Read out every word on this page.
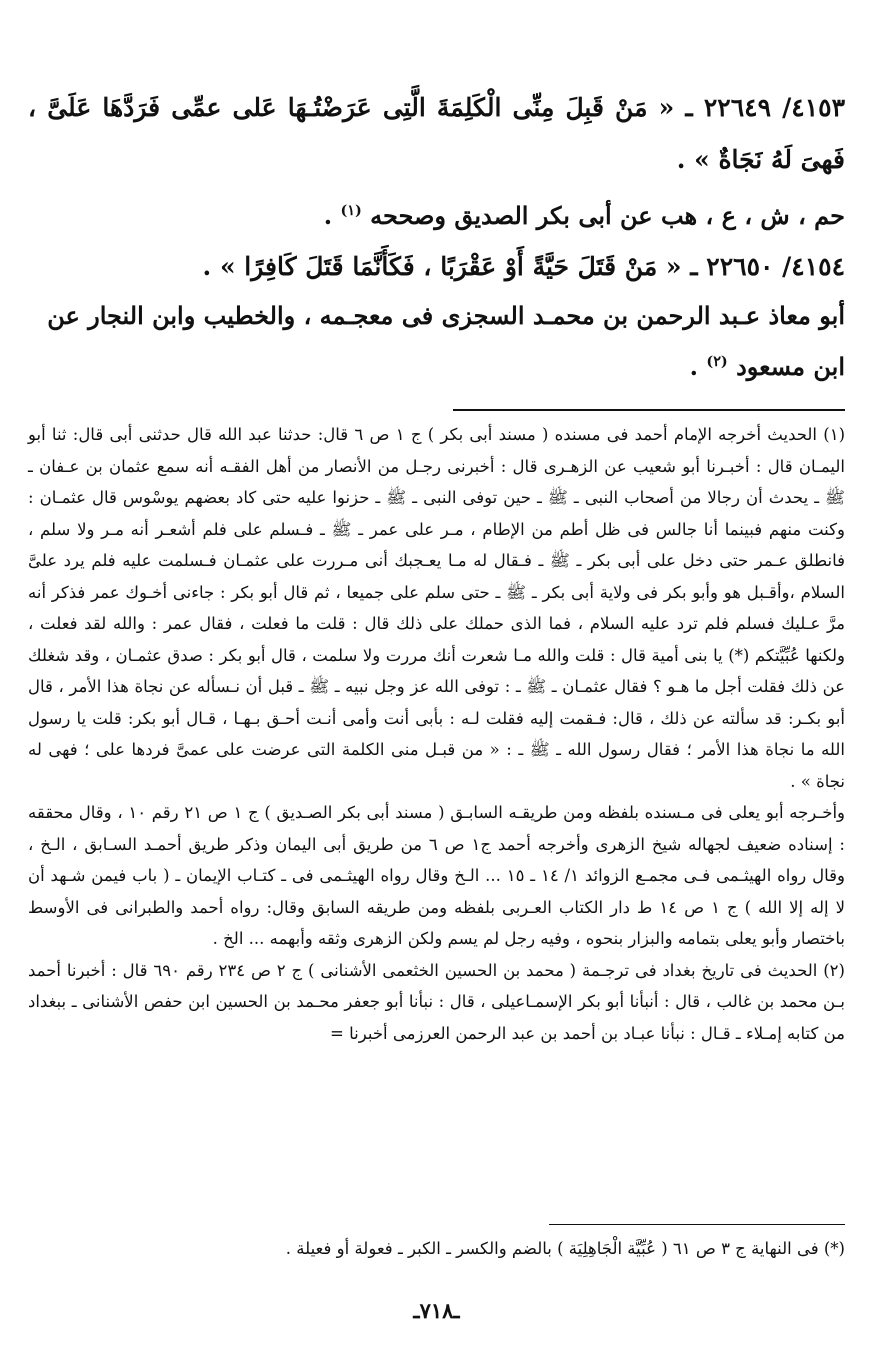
٤١٥٣/ ٢٢٦٤٩ ـ « مَنْ قَبِلَ مِنِّى الْكَلِمَةَ الَّتِى عَرَضْتُـهَا عَلى عمِّى فَرَدَّهَا عَلَىَّ ، فَهىَ لَهُ نَجَاةٌ » .
حم ، ش ، ع ، هب عن أبى بكر الصديق وصححه $^{(١)}$ .
٤١٥٤/ ٢٢٦٥٠ ـ « مَنْ قَتَلَ حَيَّةً أَوْ عَقْرَبًا ، فَكَأَنَّمَا قَتَلَ كَافِرًا » .
أبو معاذ عـبد الرحمن بن محمـد السجزى فى معجـمه ، والخطيب وابن النجار عن
ابن مسعود $^{(٢)}$ .

(١) الحديث أخرجه الإمام أحمد فى مسنده ( مسند أبى بكر ) ج ١ ص ٦ قال: حدثنا عبد الله قال حدثنى أبى قال: ثنا أبو اليمـان قال : أخبـرنا أبو شعيب عن الزهـرى قال : أخبرنى رجـل من الأنصار من أهل الفقـه أنه سمع عثمان بن عـفان ـ ﷺ ـ يحدث أن رجالا من أصحاب النبى ـ ﷺ ـ حين توفى النبى ـ ﷺ ـ حزنوا عليه حتى كاد بعضهم يوسْوس قال عثمـان : وكنت منهم فبينما أنا جالس فى ظل أطم من الإطام ، مـر على عمر ـ ﷺ ـ فـسلم على فلم أشعـر أنه مـر ولا سلم ، فانطلق عـمر حتى دخل على أبى بكر ـ ﷺ ـ فـقال له مـا يعـجبك أنى مـررت على عثمـان فـسلمت عليه فلم يرد علىَّ السلام ،وأقـبل هو وأبو بكر فى ولاية أبى بكر ـ ﷺ ـ حتى سلم على جميعا ، ثم قال أبو بكر : جاءنى أخـوك عمر فذكر أنه مرَّ عـليك فسلم فلم ترد عليه السلام ، فما الذى حملك على ذلك قال : قلت ما فعلت ، فقال عمر : والله لقد فعلت ، ولكنها عُبِّيَّتكم (*) يا بنى أمية قال : قلت والله مـا شعرت أنك مررت ولا سلمت ، قال أبو بكر : صدق عثمـان ، وقد شغلك عن ذلك فقلت أجل ما هـو ؟ فقال عثمـان ـ ﷺ ـ : توفى الله عز وجل نبيه ـ ﷺ ـ قبل أن نـسأله عن نجاة هذا الأمر ، قال أبو بكـر: قد سألته عن ذلك ، قال: فـقمت إليه فقلت لـه : بأبى أنت وأمى أنـت أحـق بـهـا ، قـال أبو بكر: قلت يا رسول الله ما نجاة هذا الأمر ؛ فقال رسول الله ـ ﷺ ـ : « من قبـل منى الكلمة التى عرضت على عمىَّ فردها على ؛ فهى له نجاة » .

وأخـرجه أبو يعلى فى مـسنده بلفظه ومن طريقـه السابـق ( مسند أبى بكر الصـديق ) ج ١ ص ٢١ رقم ١٠ ، وقال محققه : إسناده ضعيف لجهاله شيخ الزهرى وأخرجه أحمد ج١ ص ٦ من طريق أبى اليمان وذكر طريق أحمـد السـابق ، الـخ ، وقال رواه الهيثـمى فـى مجمـع الزوائد ١/ ١٤ ـ ١٥ ... الـخ وقال رواه الهيثـمى فى ـ كتـاب الإيمان ـ ( باب فيمن شـهد أن لا إله إلا الله ) ج ١ ص ١٤ ط دار الكتاب العـربى بلفظه ومن طريقه السابق وقال: رواه أحمد والطبرانى فى الأوسط باختصار وأبو يعلى بتمامه والبزار بنحوه ، وفيه رجل لم يسم ولكن الزهرى وثقه وأبهمه ... الخ .

(٢) الحديث فى تاريخ بغداد فى ترجـمة ( محمد بن الحسين الخثعمى الأشنانى ) ج ٢ ص ٢٣٤ رقم ٦٩٠ قال : أخبرنا أحمد بـن محمد بن غالب ، قال : أنبأنا أبو بكر الإسمـاعيلى ، قال : نبأنا أبو جعفر محـمد بن الحسين ابن حفص الأشنانى ـ ببغداد من كتابه إمـلاء ـ قـال : نبأنا عبـاد بن أحمد بن عبد الرحمن العرزمى أخبرنا =

(*) فى النهاية ج ٣ ص ٦١ ( عُبِّيَّة الْجَاهِلِيَة ) بالضم والكسر ـ الكبر ـ فعولة أو فعيلة .
ـ٧١٨ـ
